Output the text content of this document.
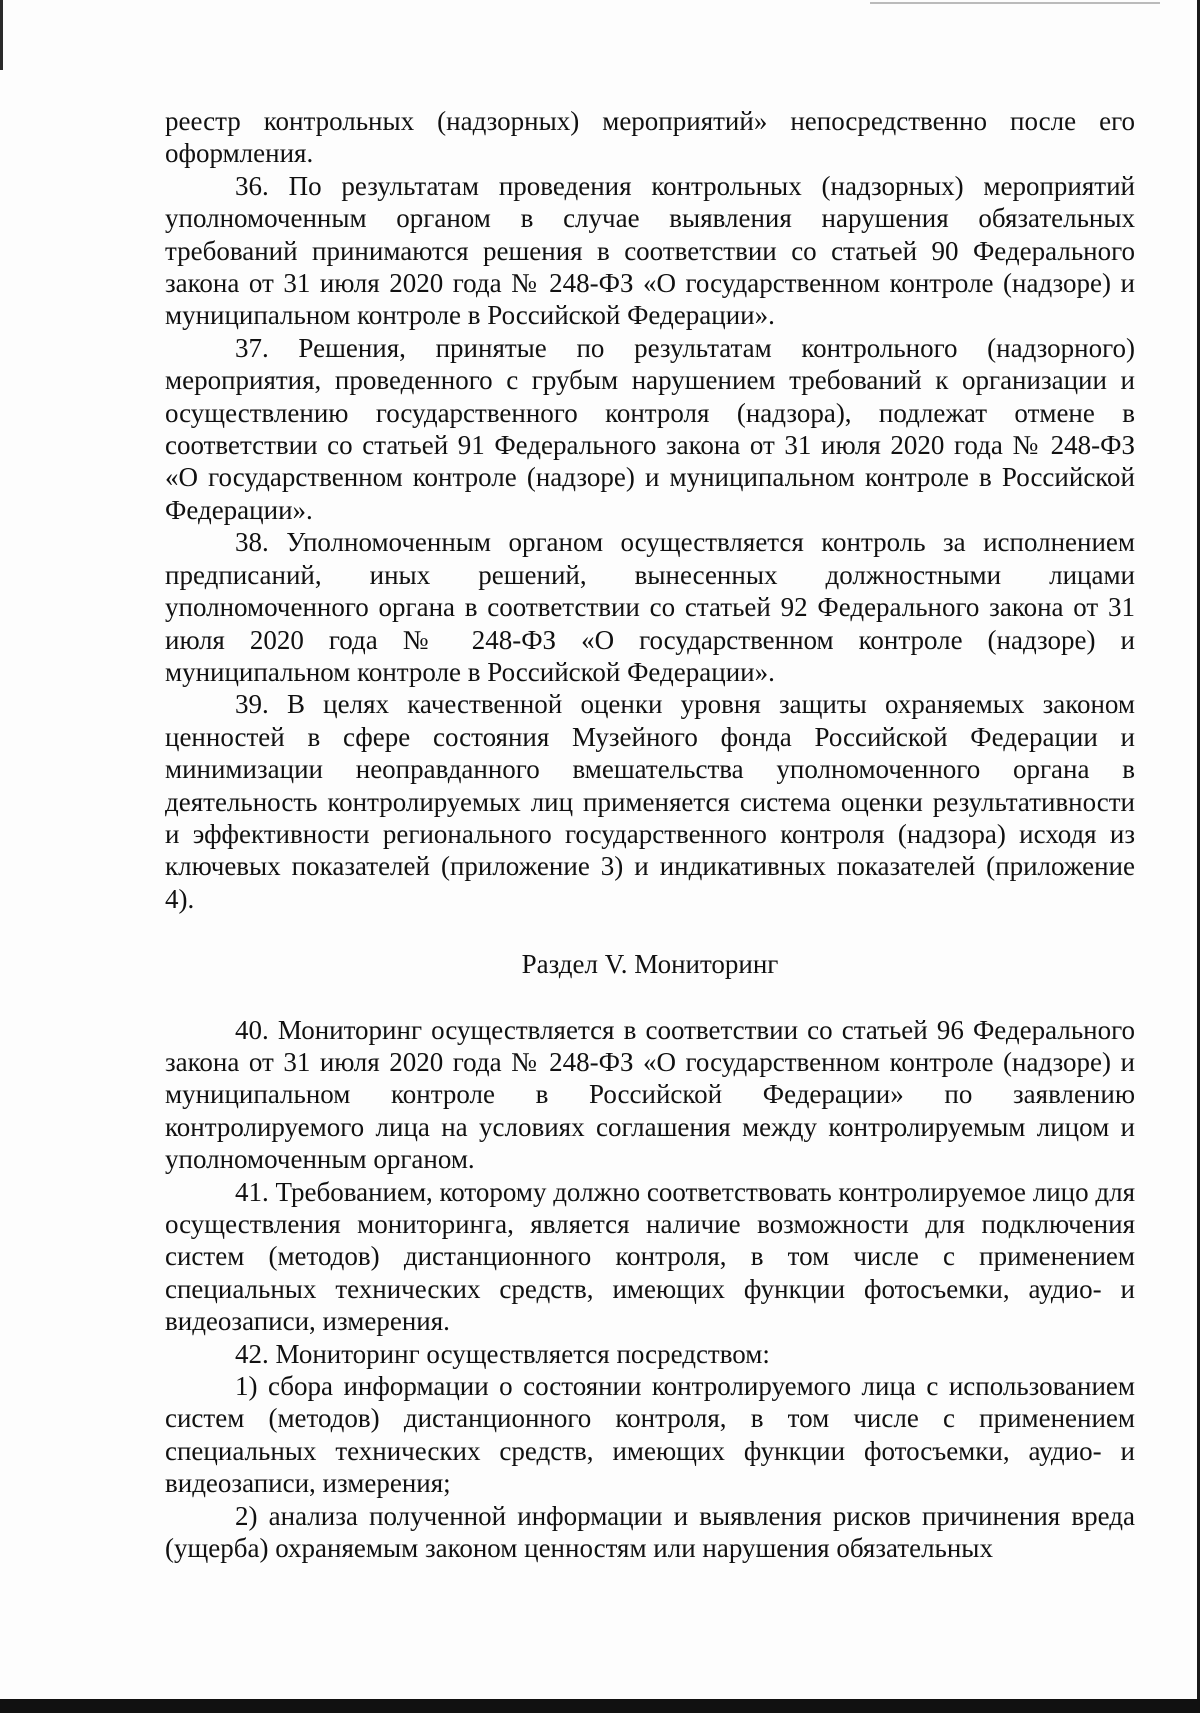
реестр контрольных (надзорных) мероприятий» непосредственно после его оформления.

36. По результатам проведения контрольных (надзорных) мероприятий уполномоченным органом в случае выявления нарушения обязательных требований принимаются решения в соответствии со статьей 90 Федерального закона от 31 июля 2020 года № 248-ФЗ «О государственном контроле (надзоре) и муниципальном контроле в Российской Федерации».

37. Решения, принятые по результатам контрольного (надзорного) мероприятия, проведенного с грубым нарушением требований к организации и осуществлению государственного контроля (надзора), подлежат отмене в соответствии со статьей 91 Федерального закона от 31 июля 2020 года № 248-ФЗ «О государственном контроле (надзоре) и муниципальном контроле в Российской Федерации».

38. Уполномоченным органом осуществляется контроль за исполнением предписаний, иных решений, вынесенных должностными лицами уполномоченного органа в соответствии со статьей 92 Федерального закона от 31 июля 2020 года № 248-ФЗ «О государственном контроле (надзоре) и муниципальном контроле в Российской Федерации».

39. В целях качественной оценки уровня защиты охраняемых законом ценностей в сфере состояния Музейного фонда Российской Федерации и минимизации неоправданного вмешательства уполномоченного органа в деятельность контролируемых лиц применяется система оценки результативности и эффективности регионального государственного контроля (надзора) исходя из ключевых показателей (приложение 3) и индикативных показателей (приложение 4).

Раздел V. Мониторинг

40. Мониторинг осуществляется в соответствии со статьей 96 Федерального закона от 31 июля 2020 года № 248-ФЗ «О государственном контроле (надзоре) и муниципальном контроле в Российской Федерации» по заявлению контролируемого лица на условиях соглашения между контролируемым лицом и уполномоченным органом.

41. Требованием, которому должно соответствовать контролируемое лицо для осуществления мониторинга, является наличие возможности для подключения систем (методов) дистанционного контроля, в том числе с применением специальных технических средств, имеющих функции фотосъемки, аудио- и видеозаписи, измерения.

42. Мониторинг осуществляется посредством:

1) сбора информации о состоянии контролируемого лица с использованием систем (методов) дистанционного контроля, в том числе с применением специальных технических средств, имеющих функции фотосъемки, аудио- и видеозаписи, измерения;

2) анализа полученной информации и выявления рисков причинения вреда (ущерба) охраняемым законом ценностям или нарушения обязательных
